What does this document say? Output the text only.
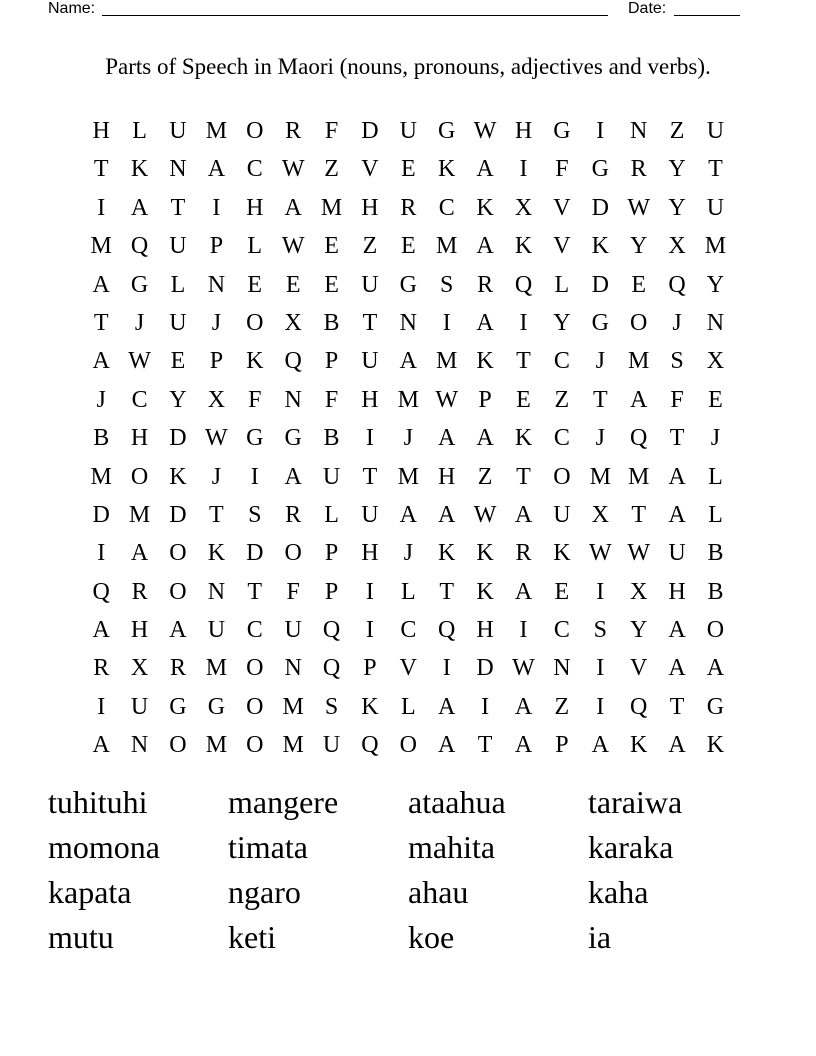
Name:	Date:
Parts of Speech in Maori (nouns, pronouns, adjectives and verbs).
H L U M O R F D U G W H G	I	N Z U
T K N A C W Z V E K A	I	F G R Y T
I	A T	I	H A M H R C K X V D W Y U
M Q U P	L W E Z E M A K V K Y X M
A G L N E E E U G S R Q L D E Q Y
T	J	U	J	O X B T N	I	A	I	Y G O	J	N
A W E	P K Q P U A M K T C	J M S X
J	C Y X F N F H M W P	E Z T A F	E
B H D W G G B	I	J	A A K C	J	Q T	J
M O K	J	I	A U T M H Z T O M M A L
D M D T	S R L U A A W A U X T A L
I	A O K D O P H	J	K K R K W W U B
Q R O N T	F	P	I	L T K A E	I	X H B
A H A U C U Q	I	C Q H	I	C S Y A O
R X R M O N Q P V	I	D W N	I	V A A
I	U G G O M S K L A	I	A Z	I	Q T G
A N O M O M U Q O A T A P A K A K
tuhituhi	mangere	ataahua	taraiwa
momona	timata	mahita	karaka
kapata	ngaro	ahau	kaha
mutu	keti	koe	ia
